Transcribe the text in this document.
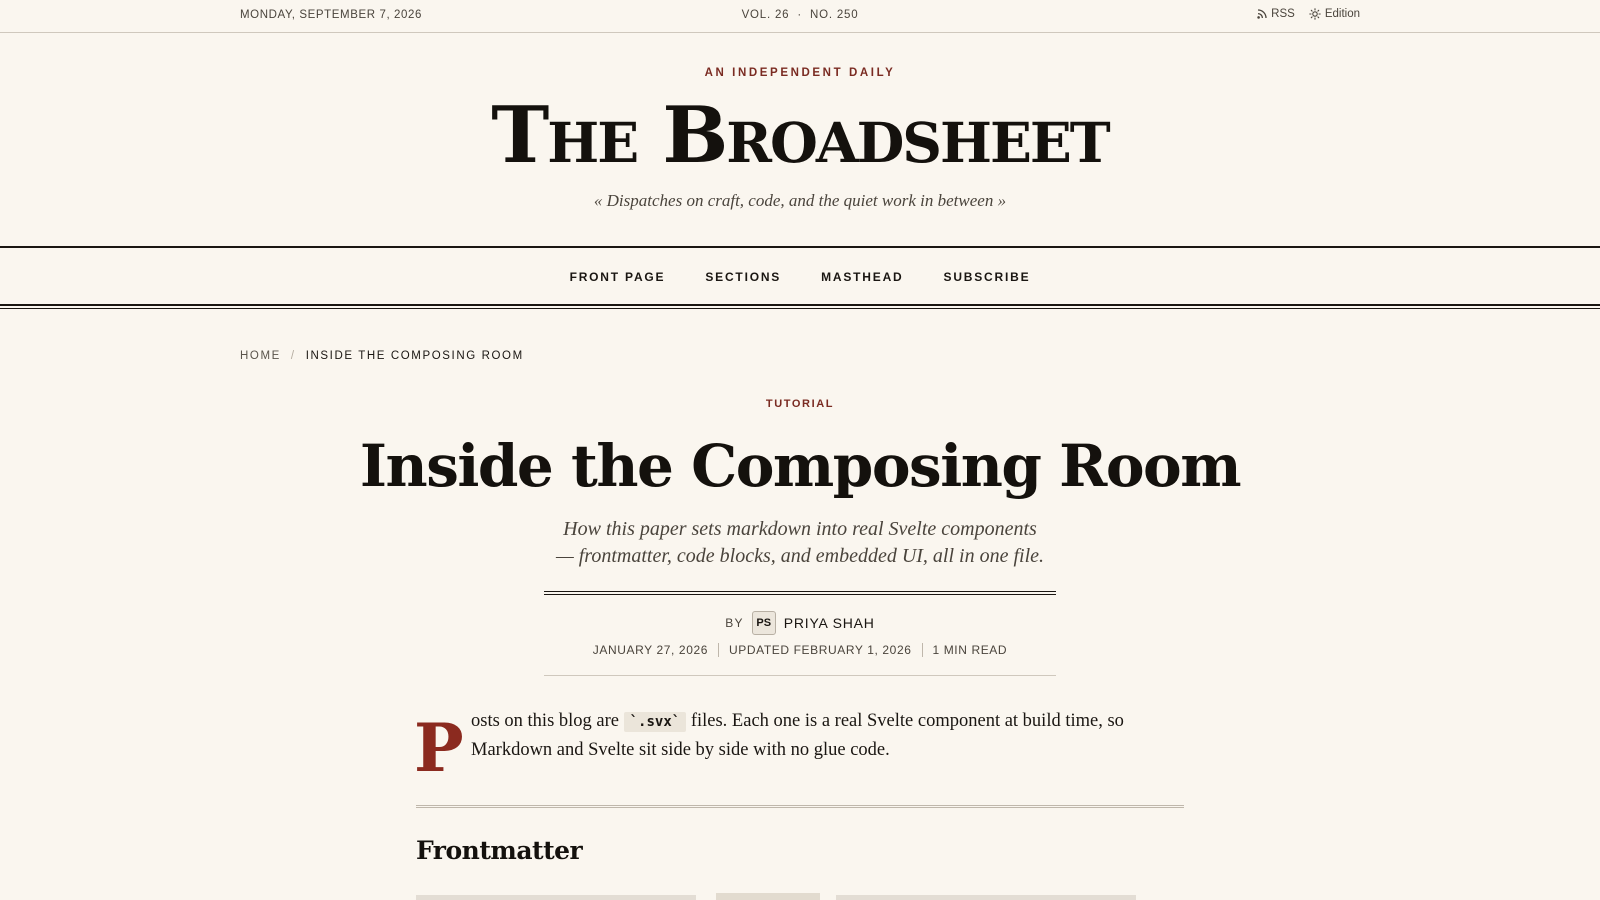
MONDAY, SEPTEMBER 7, 2026	VOL. 26 · NO. 250	RSS	Edition
AN INDEPENDENT DAILY
The Broadsheet
« Dispatches on craft, code, and the quiet work in between »
FRONT PAGE	SECTIONS	MASTHEAD	SUBSCRIBE
HOME / INSIDE THE COMPOSING ROOM
TUTORIAL
Inside the Composing Room
How this paper sets markdown into real Svelte components
— frontmatter, code blocks, and embedded UI, all in one file.
BY	PS PRIYA SHAH
JANUARY 27, 2026 UPDATED FEBRUARY 1, 2026 1 MIN READ
P osts on this blog are `.svx` files. Each one is a real Svelte component at build time, so Markdown and Svelte sit side by side with no glue code.

Frontmatter
